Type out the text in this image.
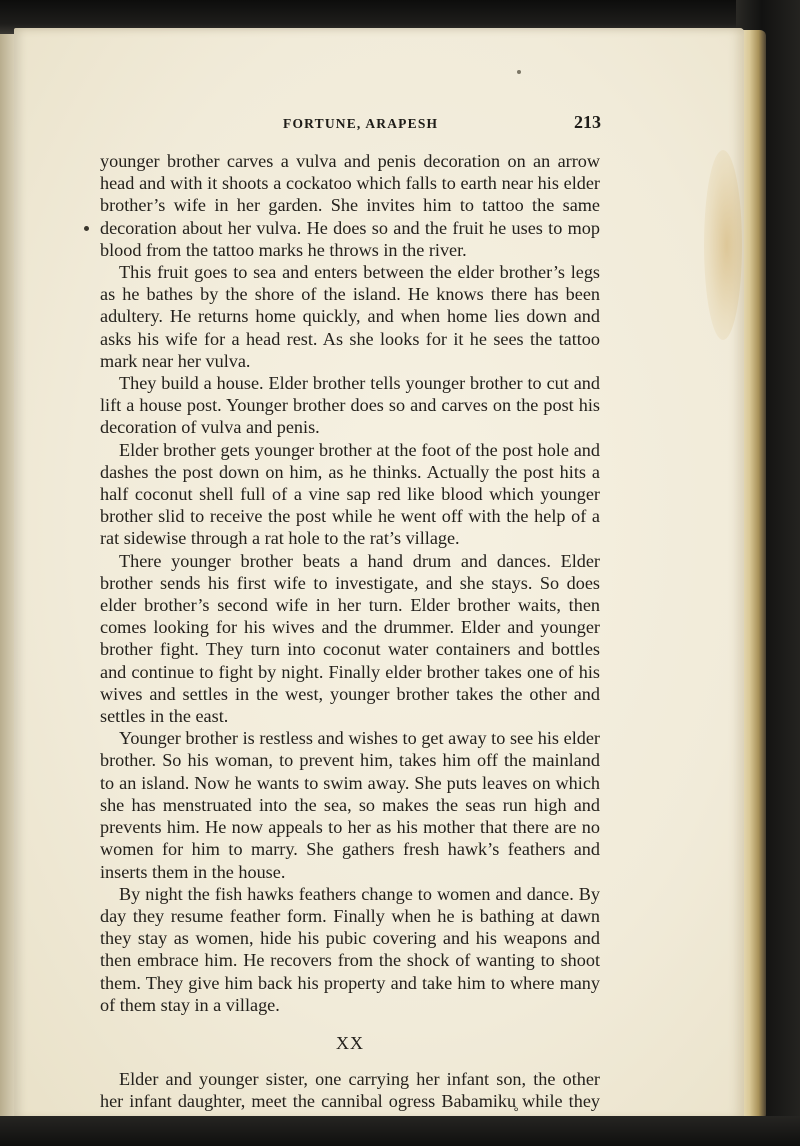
FORTUNE, ARAPESH	213

younger brother carves a vulva and penis decoration on an arrow head and with it shoots a cockatoo which falls to earth near his elder brother’s wife in her garden. She invites him to tattoo the same decoration about her vulva. He does so and the fruit he uses to mop blood from the tattoo marks he throws in the river.

This fruit goes to sea and enters between the elder brother’s legs as he bathes by the shore of the island. He knows there has been adultery. He returns home quickly, and when home lies down and asks his wife for a head rest. As she looks for it he sees the tattoo mark near her vulva.

They build a house. Elder brother tells younger brother to cut and lift a house post. Younger brother does so and carves on the post his decoration of vulva and penis.

Elder brother gets younger brother at the foot of the post hole and dashes the post down on him, as he thinks. Actually the post hits a half coconut shell full of a vine sap red like blood which younger brother slid to receive the post while he went off with the help of a rat sidewise through a rat hole to the rat’s village.

There younger brother beats a hand drum and dances. Elder brother sends his first wife to investigate, and she stays. So does elder brother’s second wife in her turn. Elder brother waits, then comes looking for his wives and the drummer. Elder and younger brother fight. They turn into coconut water containers and bottles and continue to fight by night. Finally elder brother takes one of his wives and settles in the west, younger brother takes the other and settles in the east.

Younger brother is restless and wishes to get away to see his elder brother. So his woman, to prevent him, takes him off the mainland to an island. Now he wants to swim away. She puts leaves on which she has menstruated into the sea, so makes the seas run high and prevents him. He now appeals to her as his mother that there are no women for him to marry. She gathers fresh hawk’s feathers and inserts them in the house.

By night the fish hawks feathers change to women and dance. By day they resume feather form. Finally when he is bathing at dawn they stay as women, hide his pubic covering and his weapons and then embrace him. He recovers from the shock of wanting to shoot them. They give him back his property and take him to where many of them stay in a village.

XX

Elder and younger sister, one carrying her infant son, the other her infant daughter, meet the cannibal ogress Babamiku̥ while they
